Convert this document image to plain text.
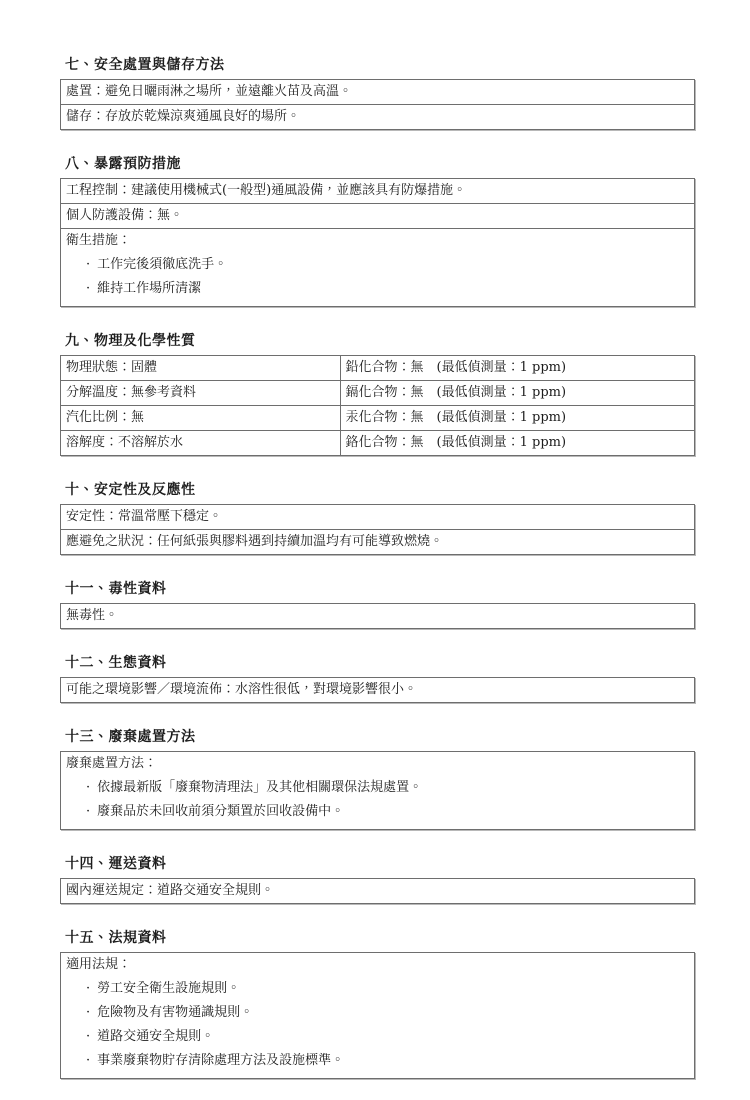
七、安全處置與儲存方法
處置：避免日曬雨淋之場所，並遠離火苗及高溫。
儲存：存放於乾燥涼爽通風良好的場所。
八、暴露預防措施
工程控制：建議使用機械式(一般型)通風設備，並應該具有防爆措施。
個人防護設備：無。
衛生措施：
· 工作完後須徹底洗手。
· 維持工作場所清潔
九、物理及化學性質
物理狀態：固體	鉛化合物：無　(最低偵測量：1 ppm)
分解溫度：無參考資料	鎘化合物：無　(最低偵測量：1 ppm)
汽化比例：無	汞化合物：無　(最低偵測量：1 ppm)
溶解度：不溶解於水	鉻化合物：無　(最低偵測量：1 ppm)
十、安定性及反應性
安定性：常溫常壓下穩定。
應避免之狀況：任何紙張與膠料遇到持續加溫均有可能導致燃燒。
十一、毒性資料
無毒性。
十二、生態資料
可能之環境影響／環境流佈：水溶性很低，對環境影響很小。
十三、廢棄處置方法
廢棄處置方法：
· 依據最新版「廢棄物清理法」及其他相關環保法規處置。
· 廢棄品於未回收前須分類置於回收設備中。
十四、運送資料
國內運送規定：道路交通安全規則。
十五、法規資料
適用法規：
· 勞工安全衛生設施規則。
· 危險物及有害物通識規則。
· 道路交通安全規則。
· 事業廢棄物貯存清除處理方法及設施標準。
